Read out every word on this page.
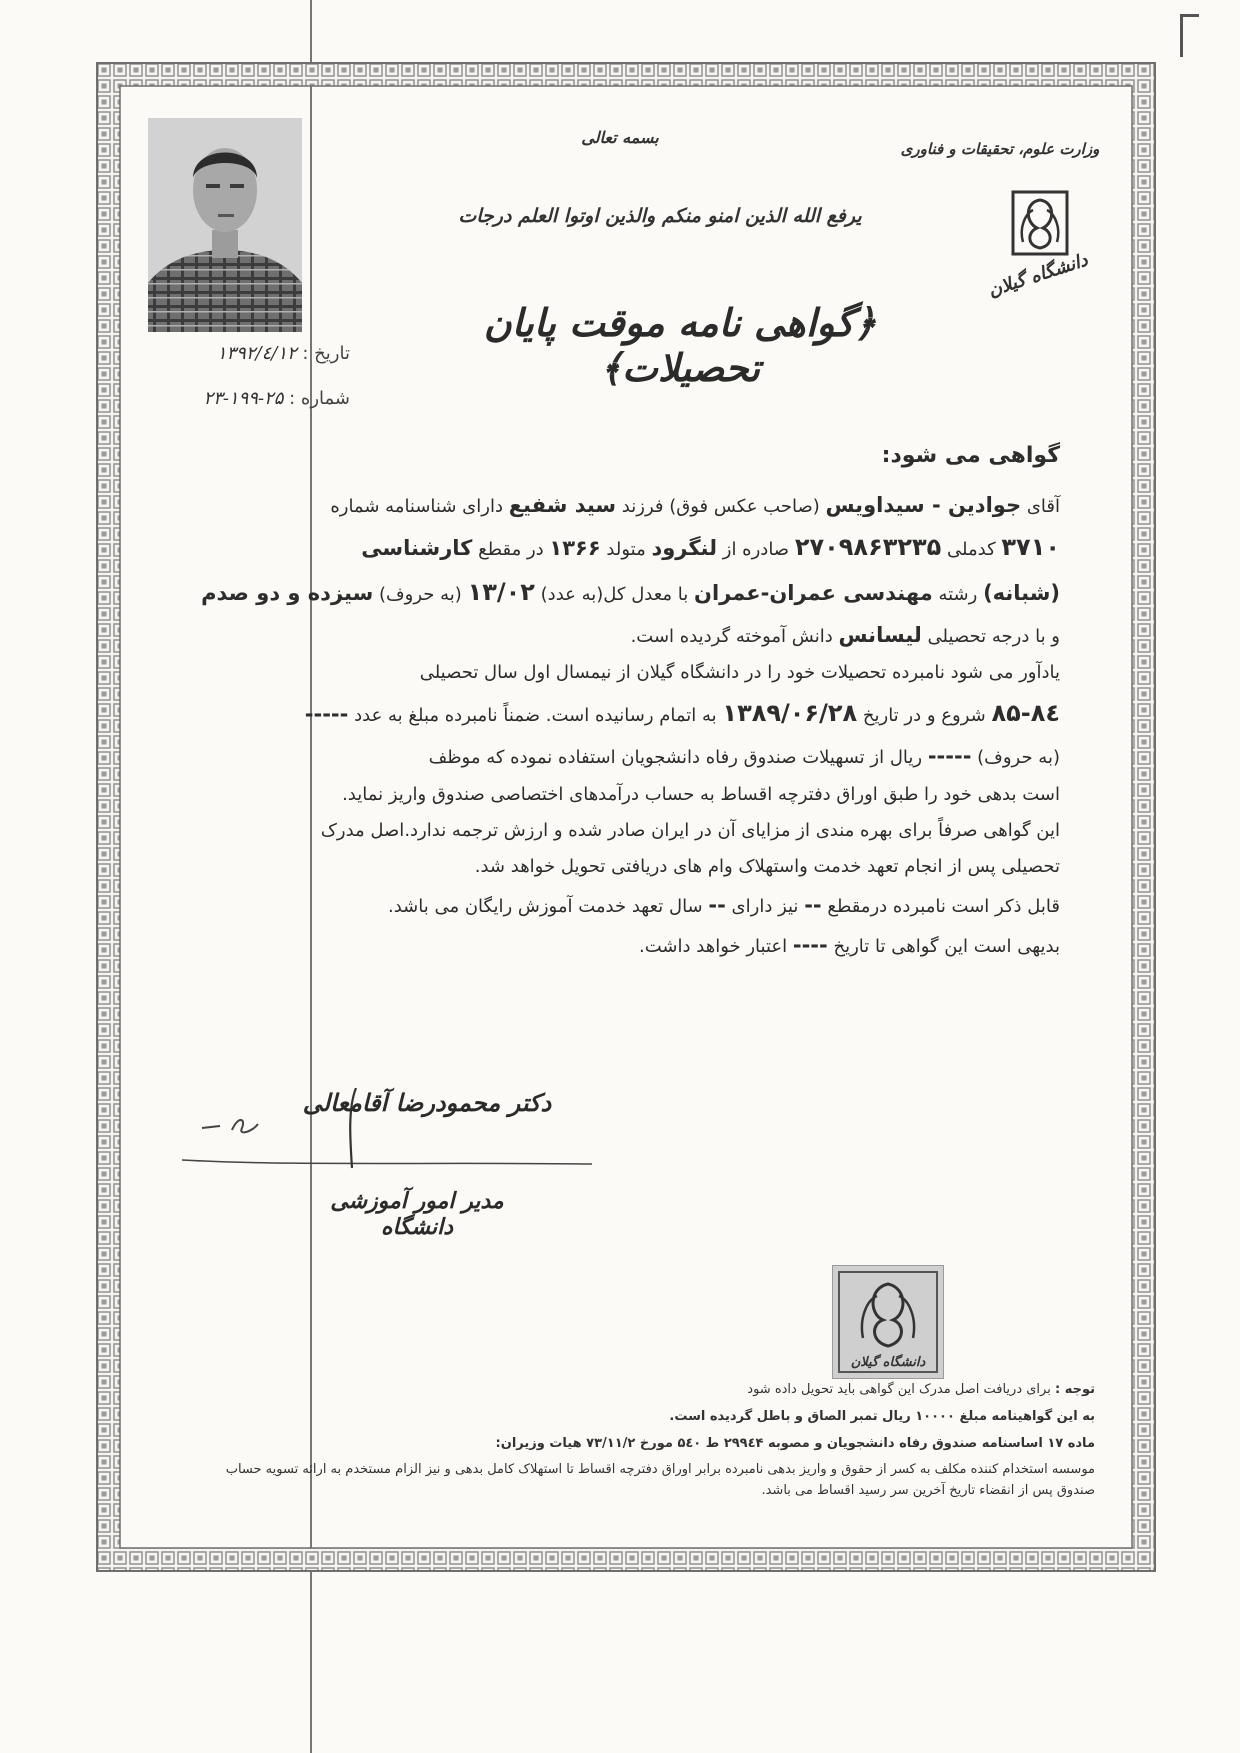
وزارت علوم، تحقیقات و فناوری
بسمه تعالی
یرفع الله الذین امنو منکم والذین اوتوا العلم درجات
﴿گواهی نامه موقت پایان تحصیلات﴾
دانشگاه گیلان
تاریخ : ۱۳۹۲/٤/۱۲
شماره : ۲۵-۱۹۹-۲۳
گواهی می شود:

آقای جوادین - سیداویس (صاحب عکس فوق) فرزند سید شفیع دارای شناسنامه شماره
۳۷۱۰ کدملی ۲۷۰۹۸۶۳۲۳۵ صادره از لنگرود متولد ۱۳۶۶ در مقطع کارشناسی
(شبانه) رشته مهندسی عمران-عمران با معدل کل(به عدد) ۱۳/۰۲ (به حروف) سیزده و دو صدم
و با درجه تحصیلی لیسانس دانش آموخته گردیده است.

یادآور می شود نامبرده تحصیلات خود را در دانشگاه گیلان از نیمسال اول سال تحصیلی
۸۵-۸٤ شروع و در تاریخ ۱۳۸۹/۰۶/۲۸ به اتمام رسانیده است. ضمناً نامبرده مبلغ به عدد -----
(به حروف) ----- ریال از تسهیلات صندوق رفاه دانشجویان استفاده نموده که موظف
است بدهی خود را طبق اوراق دفترچه اقساط به حساب درآمدهای اختصاصی صندوق واریز نماید.

این گواهی صرفاً برای بهره مندی از مزایای آن در ایران صادر شده و ارزش ترجمه ندارد.اصل مدرک
تحصیلی پس از انجام تعهد خدمت واستهلاک وام های دریافتی تحویل خواهد شد.

قابل ذکر است نامبرده درمقطع -- نیز دارای -- سال تعهد خدمت آموزش رایگان می باشد.

بدیهی است این گواهی تا تاریخ ---- اعتبار خواهد داشت.

دکتر محمودرضا آقامعالی
مدیر امور آموزشی دانشگاه
دانشگاه گیلان
توجه : برای دریافت اصل مدرک این گواهی باید تحویل داده شود
به این گواهینامه مبلغ ۱۰۰۰۰ ریال تمبر الصاق و باطل گردیده است.
ماده ۱۷ اساسنامه صندوق رفاه دانشجویان و مصوبه ۲۹۹٤۴ ط ۵٤۰ مورخ ۷۳/۱۱/۲ هیات وزیران:
موسسه استخدام کننده مکلف به کسر از حقوق و واریز بدهی نامبرده برابر اوراق دفترچه اقساط تا استهلاک کامل بدهی و نیز الزام مستخدم به ارائه تسویه حساب
صندوق پس از انقضاء تاریخ آخرین سر رسید اقساط می باشد.
